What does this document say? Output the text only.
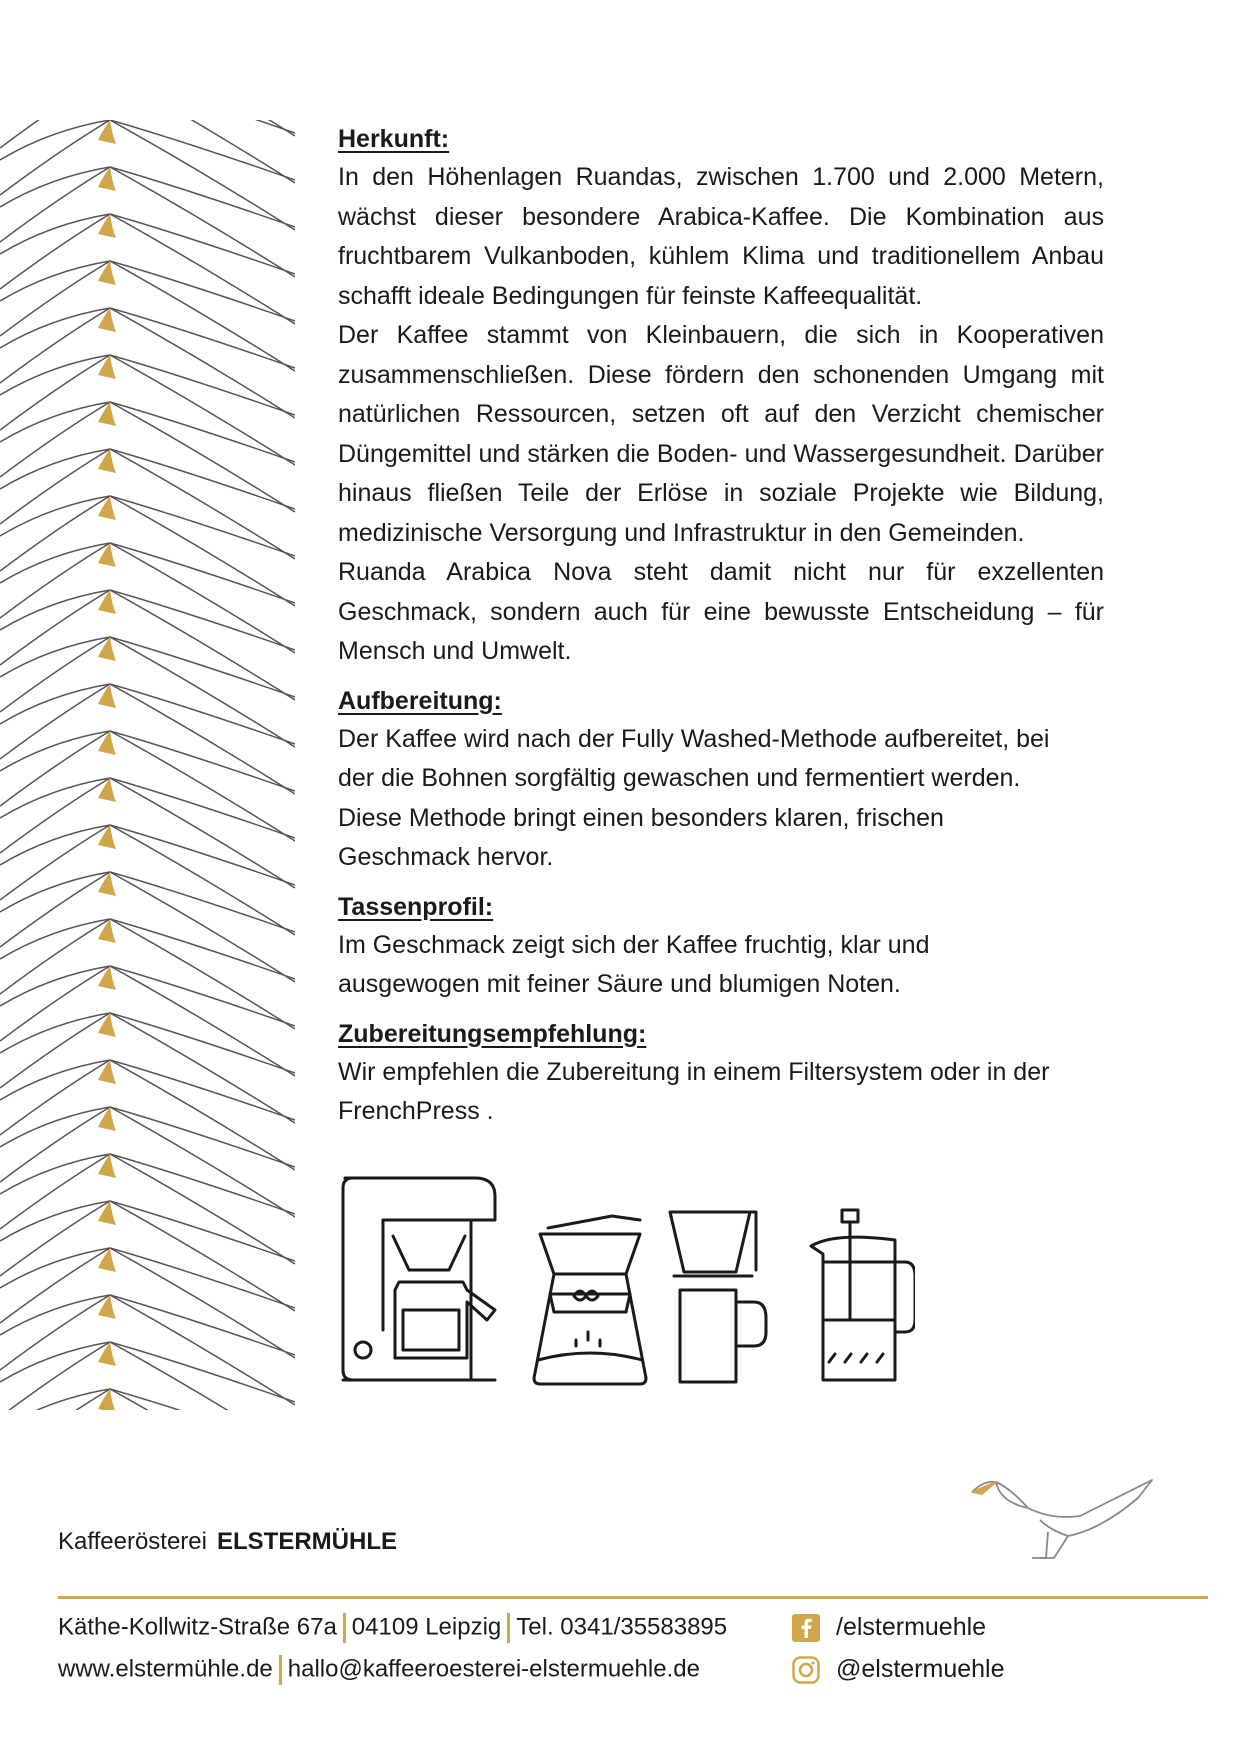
Herkunft:

In den Höhenlagen Ruandas, zwischen 1.700 und 2.000 Metern, wächst dieser besondere Arabica-Kaffee. Die Kombination aus fruchtbarem Vulkanboden, kühlem Klima und traditionellem Anbau schafft ideale Bedingungen für feinste Kaffeequalität.

Der Kaffee stammt von Kleinbauern, die sich in Kooperativen zusammenschließen. Diese fördern den schonenden Umgang mit natürlichen Ressourcen, setzen oft auf den Verzicht chemischer Düngemittel und stärken die Boden- und Wassergesundheit. Darüber hinaus fließen Teile der Erlöse in soziale Projekte wie Bildung, medizinische Versorgung und Infrastruktur in den Gemeinden.

Ruanda Arabica Nova steht damit nicht nur für exzellenten Geschmack, sondern auch für eine bewusste Entscheidung – für Mensch und Umwelt.

Aufbereitung:

Der Kaffee wird nach der Fully Washed-Methode aufbereitet, bei der die Bohnen sorgfältig gewaschen und fermentiert werden. Diese Methode bringt einen besonders klaren, frischen Geschmack hervor.

Tassenprofil:

Im Geschmack zeigt sich der Kaffee fruchtig, klar und ausgewogen mit feiner Säure und blumigen Noten.

Zubereitungsempfehlung:

Wir empfehlen die Zubereitung in einem Filtersystem oder in der FrenchPress .

Kaffeerösterei ELSTERMÜHLE
Käthe-Kollwitz-Straße 67a 04109 Leipzig Tel. 0341/35583895
www.elstermühle.de hallo@kaffeeroesterei-elstermuehle.de
/elstermuehle
@elstermuehle
